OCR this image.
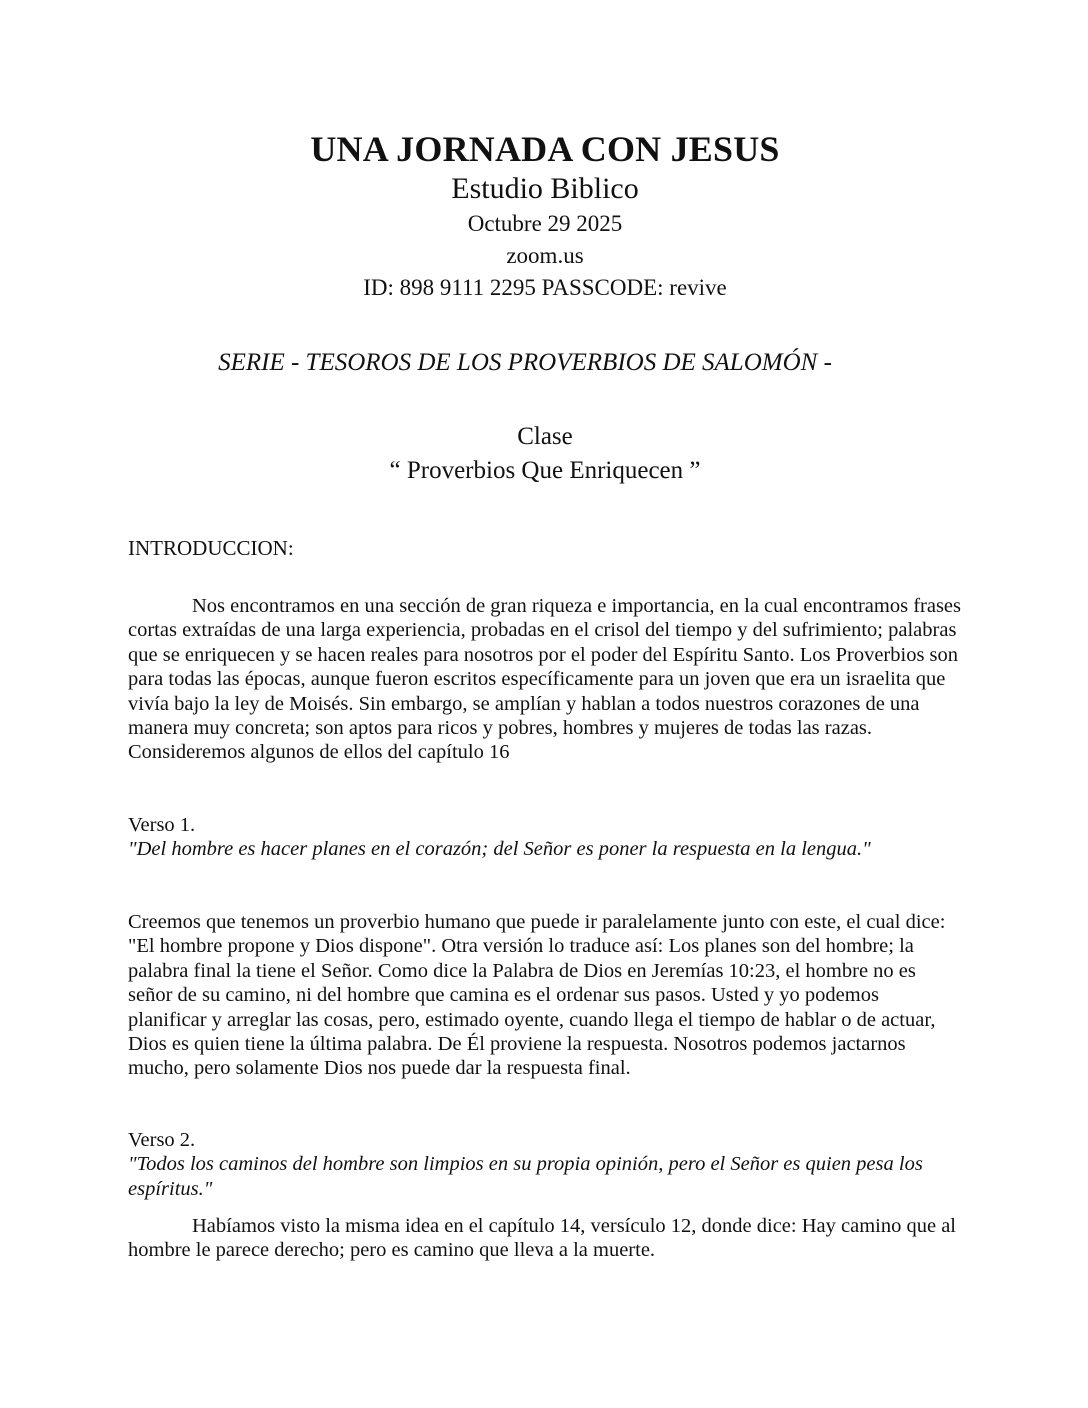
UNA JORNADA CON JESUS

Estudio Biblico

Octubre 29 2025

zoom.us

ID: 898 9111 2295 PASSCODE: revive

SERIE - TESOROS DE LOS PROVERBIOS DE SALOMÓN -

Clase
“ Proverbios Que Enriquecen ”

INTRODUCCION:

Nos encontramos en una sección de gran riqueza e importancia, en la cual encontramos frases cortas extraídas de una larga experiencia, probadas en el crisol del tiempo y del sufrimiento; palabras que se enriquecen y se hacen reales para nosotros por el poder del Espíritu Santo. Los Proverbios son para todas las épocas, aunque fueron escritos específicamente para un joven que era un israelita que vivía bajo la ley de Moisés. Sin embargo, se amplían y hablan a todos nuestros corazones de una manera muy concreta; son aptos para ricos y pobres, hombres y mujeres de todas las razas. Consideremos algunos de ellos del capítulo 16

Verso 1.

"Del hombre es hacer planes en el corazón; del Señor es poner la respuesta en la lengua."

Creemos que tenemos un proverbio humano que puede ir paralelamente junto con este, el cual dice: "El hombre propone y Dios dispone". Otra versión lo traduce así: Los planes son del hombre; la palabra final la tiene el Señor. Como dice la Palabra de Dios en Jeremías 10:23, el hombre no es señor de su camino, ni del hombre que camina es el ordenar sus pasos. Usted y yo podemos planificar y arreglar las cosas, pero, estimado oyente, cuando llega el tiempo de hablar o de actuar, Dios es quien tiene la última palabra. De Él proviene la respuesta. Nosotros podemos jactarnos mucho, pero solamente Dios nos puede dar la respuesta final.

Verso 2.

"Todos los caminos del hombre son limpios en su propia opinión, pero el Señor es quien pesa los espíritus."

Habíamos visto la misma idea en el capítulo 14, versículo 12, donde dice: Hay camino que al hombre le parece derecho; pero es camino que lleva a la muerte.
